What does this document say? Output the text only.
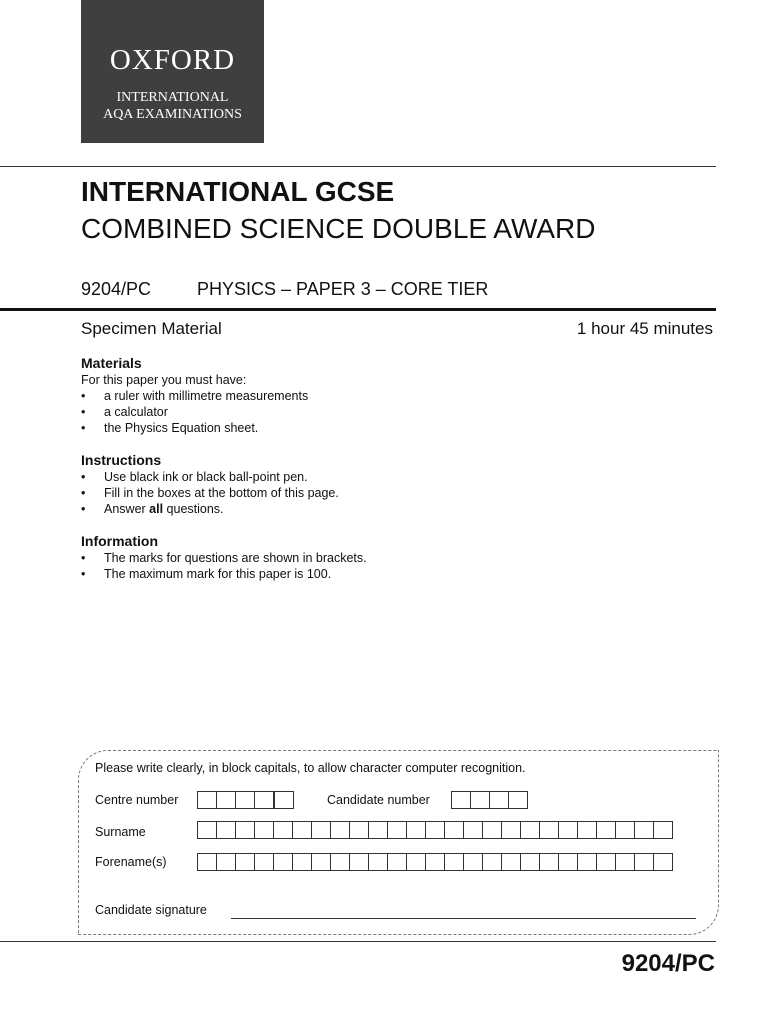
OXFORD
INTERNATIONAL
AQA EXAMINATIONS
INTERNATIONAL GCSE
COMBINED SCIENCE DOUBLE AWARD
9204/PC	PHYSICS – PAPER 3 – CORE TIER
Specimen Material	1 hour 45 minutes
Materials

For this paper you must have:

• a ruler with millimetre measurements
• a calculator
• the Physics Equation sheet.
Instructions
• Use black ink or black ball-point pen.
• Fill in the boxes at the bottom of this page.
• Answer all questions.
Information
• The marks for questions are shown in brackets.
• The maximum mark for this paper is 100.
Please write clearly, in block capitals, to allow character computer recognition.
Centre number	Candidate number
Surname
Forename(s)
Candidate signature
9204/PC
